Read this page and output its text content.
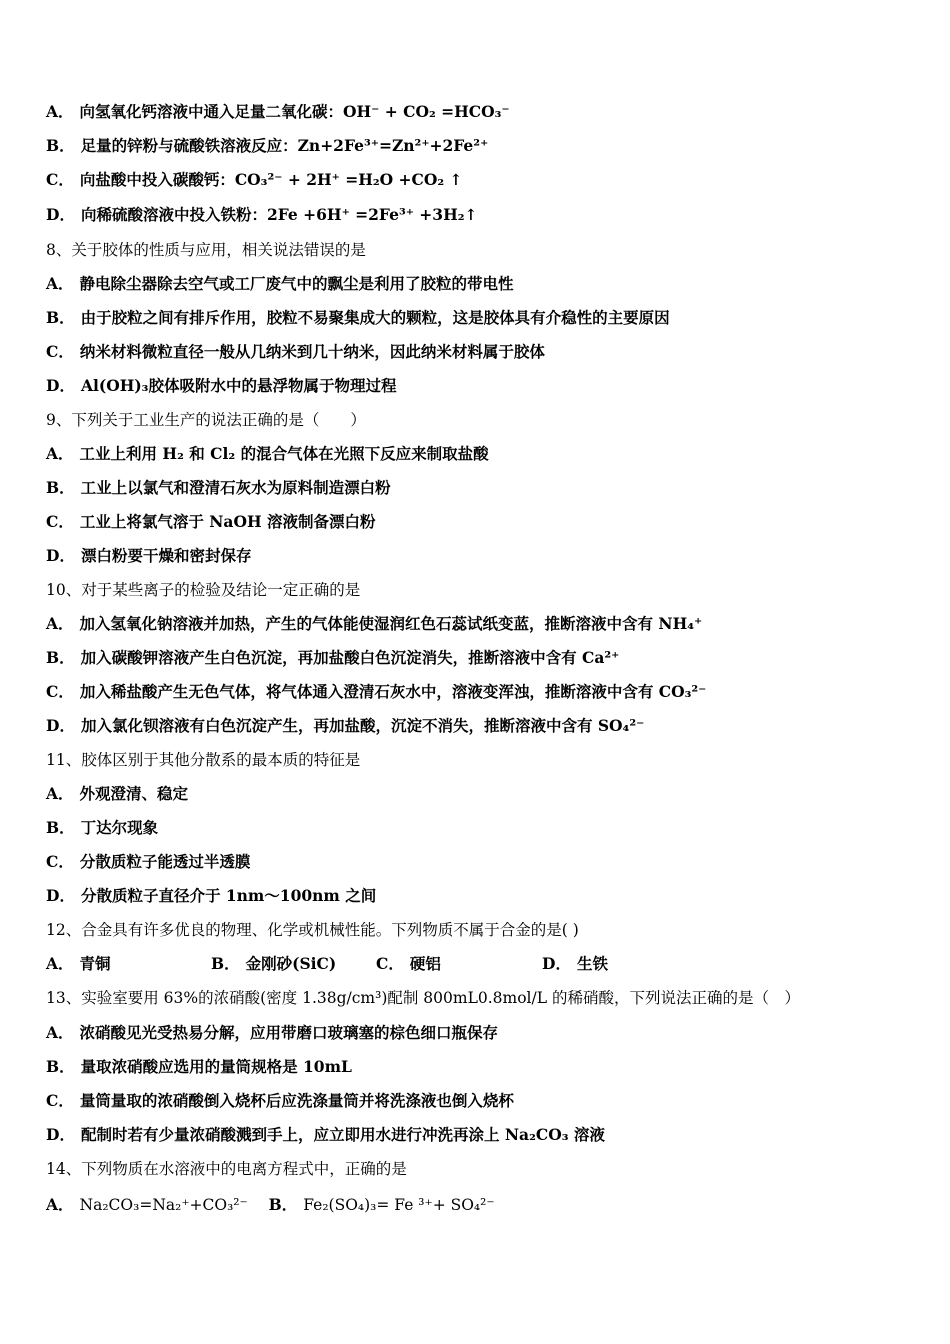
A． 向氢氧化钙溶液中通入足量二氧化碳：OH⁻ + CO₂ =HCO₃⁻
B． 足量的锌粉与硫酸铁溶液反应：Zn+2Fe³⁺=Zn²⁺+2Fe²⁺
C． 向盐酸中投入碳酸钙：CO₃²⁻ + 2H⁺ =H₂O +CO₂ ↑
D． 向稀硫酸溶液中投入铁粉：2Fe +6H⁺ =2Fe³⁺ +3H₂↑
8、关于胶体的性质与应用，相关说法错误的是
A． 静电除尘器除去空气或工厂废气中的飘尘是利用了胶粒的带电性
B． 由于胶粒之间有排斥作用，胶粒不易聚集成大的颗粒，这是胶体具有介稳性的主要原因
C． 纳米材料微粒直径一般从几纳米到几十纳米，因此纳米材料属于胶体
D． Al(OH)₃胶体吸附水中的悬浮物属于物理过程
9、下列关于工业生产的说法正确的是（　　）
A． 工业上利用 H₂ 和 Cl₂ 的混合气体在光照下反应来制取盐酸
B． 工业上以氯气和澄清石灰水为原料制造漂白粉
C． 工业上将氯气溶于 NaOH 溶液制备漂白粉
D． 漂白粉要干燥和密封保存
10、对于某些离子的检验及结论一定正确的是
A． 加入氢氧化钠溶液并加热，产生的气体能使湿润红色石蕊试纸变蓝，推断溶液中含有 NH₄⁺
B． 加入碳酸钾溶液产生白色沉淀，再加盐酸白色沉淀消失，推断溶液中含有 Ca²⁺
C． 加入稀盐酸产生无色气体，将气体通入澄清石灰水中，溶液变浑浊，推断溶液中含有 CO₃²⁻
D． 加入氯化钡溶液有白色沉淀产生，再加盐酸，沉淀不消失，推断溶液中含有 SO₄²⁻
11、胶体区别于其他分散系的最本质的特征是
A． 外观澄清、稳定
B． 丁达尔现象
C． 分散质粒子能透过半透膜
D． 分散质粒子直径介于 1nm～100nm 之间
12、合金具有许多优良的物理、化学或机械性能。下列物质不属于合金的是( )
A． 青铜	B． 金刚砂(SiC)	C． 硬铝	D． 生铁
13、实验室要用 63%的浓硝酸(密度 1.38g/cm³)配制 800mL0.8mol/L 的稀硝酸，下列说法正确的是（　）
A． 浓硝酸见光受热易分解，应用带磨口玻璃塞的棕色细口瓶保存
B． 量取浓硝酸应选用的量筒规格是 10mL
C． 量筒量取的浓硝酸倒入烧杯后应洗涤量筒并将洗涤液也倒入烧杯
D． 配制时若有少量浓硝酸溅到手上，应立即用水进行冲洗再涂上 Na₂CO₃ 溶液
14、下列物质在水溶液中的电离方程式中，正确的是
A． Na₂CO₃=Na₂⁺+CO₃²⁻ B． Fe₂(SO₄)₃= Fe ³⁺+ SO₄²⁻
